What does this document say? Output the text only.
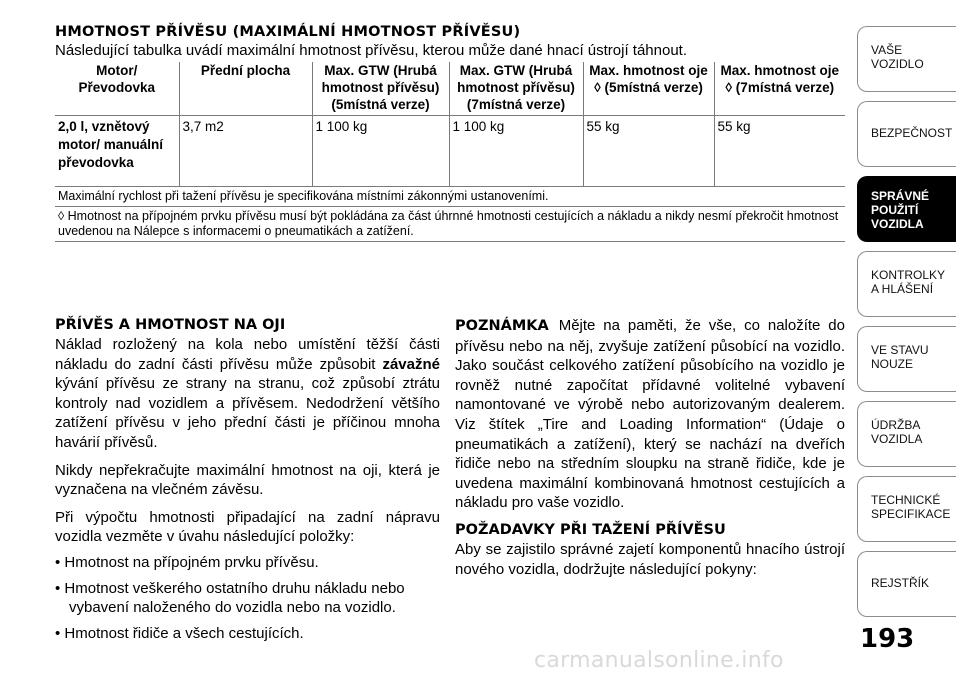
HMOTNOST PŘÍVĚSU (MAXIMÁLNÍ HMOTNOST PŘÍVĚSU)

Následující tabulka uvádí maximální hmotnost přívěsu, kterou může dané hnací ústrojí táhnout.

Motor/ Převodovka	Přední plocha	Max. GTW (Hrubá hmotnost přívěsu) (5místná verze)	Max. GTW (Hrubá hmotnost přívěsu) (7místná verze)	Max. hmotnost oje ◊ (5místná verze)	Max. hmotnost oje ◊ (7místná verze)
2,0 l, vznětový motor/ manuální převodovka	3,7 m2	1 100 kg	1 100 kg	55 kg	55 kg
Maximální rychlost při tažení přívěsu je specifikována místními zákonnými ustanoveními.					
◊ Hmotnost na přípojném prvku přívěsu musí být pokládána za část úhrnné hmotnosti cestujících a nákladu a nikdy nesmí překročit hmotnost uvedenou na Nálepce s informacemi o pneumatikách a zatížení.					
PŘÍVĚS A HMOTNOST NA OJI

Náklad rozložený na kola nebo umístění těžší části nákladu do zadní části přívěsu může způsobit závažné kývání přívěsu ze strany na stranu, což způsobí ztrátu kontroly nad vozidlem a přívěsem. Nedodržení většího zatížení přívěsu v jeho přední části je příčinou mnoha havárií přívěsů.

Nikdy nepřekračujte maximální hmotnost na oji, která je vyznačena na vlečném závěsu.

Při výpočtu hmotnosti připadající na zadní nápravu vozidla vezměte v úvahu následující položky:

• Hmotnost na přípojném prvku přívěsu.
• Hmotnost veškerého ostatního druhu nákladu nebo vybavení naloženého do vozidla nebo na vozidlo.
• Hmotnost řidiče a všech cestujících.

POZNÁMKA Mějte na paměti, že vše, co naložíte do přívěsu nebo na něj, zvyšuje zatížení působící na vozidlo. Jako součást celkového zatížení působícího na vozidlo je rovněž nutné započítat přídavné volitelné vybavení namontované ve výrobě nebo autorizovaným dealerem. Viz štítek „Tire and Loading Information“ (Údaje o pneumatikách a zatížení), který se nachází na dveřích řidiče nebo na středním sloupku na straně řidiče, kde je uvedena maximální kombinovaná hmotnost cestujících a nákladu pro vaše vozidlo.

POŽADAVKY PŘI TAŽENÍ PŘÍVĚSU

Aby se zajistilo správné zajetí komponentů hnacího ústrojí nového vozidla, dodržujte následující pokyny:

VAŠE
VOZIDLO
BEZPEČNOST
SPRÁVNÉ
POUŽITÍ
VOZIDLA
KONTROLKY
A HLÁŠENÍ
VE STAVU
NOUZE
ÚDRŽBA
VOZIDLA
TECHNICKÉ
SPECIFIKACE
REJSTŘÍK
193
carmanualsonline.info
